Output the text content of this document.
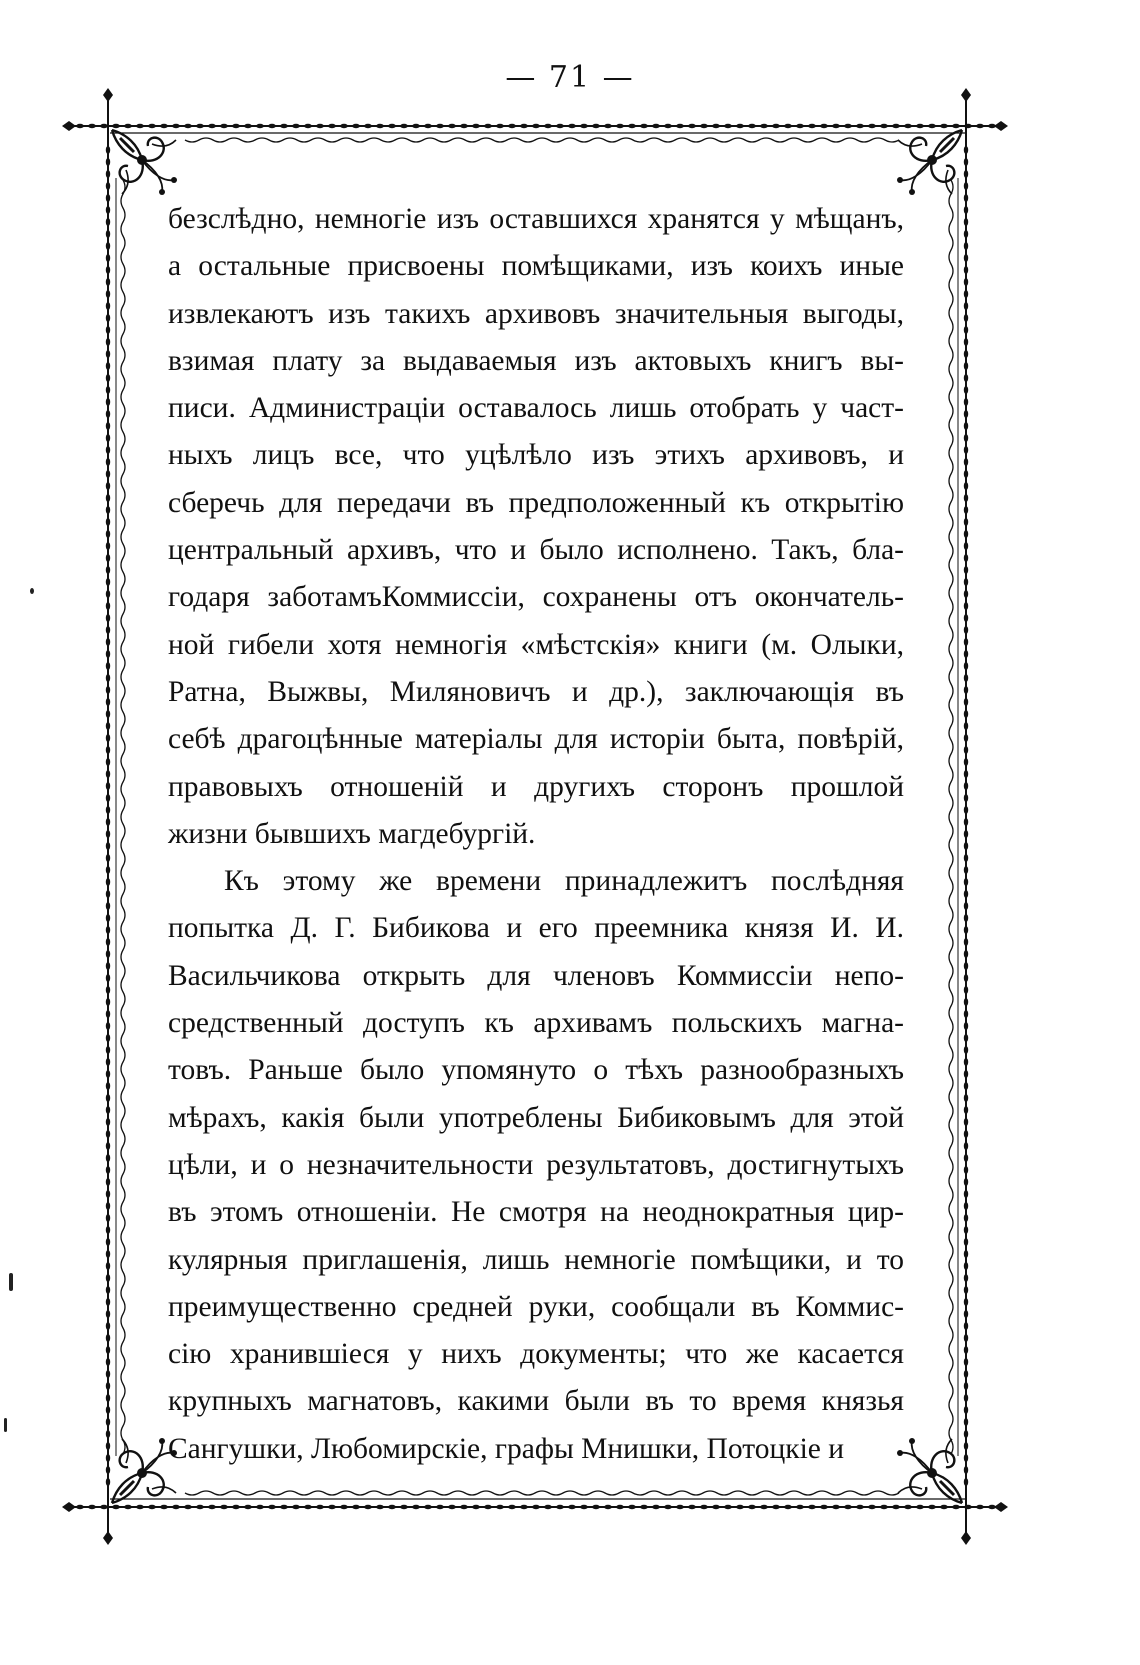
— 71 —
безслѣдно, немногіе изъ оставшихся хранятся у мѣщанъ,
а остальные присвоены помѣщиками, изъ коихъ иные
извлекаютъ изъ такихъ архивовъ значительныя выгоды,
взимая плату за выдаваемыя изъ актовыхъ книгъ вы-
писи. Администраціи оставалось лишь отобрать у част-
ныхъ лицъ все, что уцѣлѣло изъ этихъ архивовъ, и
сберечь для передачи въ предположенный къ открытію
центральный архивъ, что и было исполнено. Такъ, бла-
годаря заботамъКоммиссіи, сохранены отъ окончатель-
ной гибели хотя немногія «мѣстскія» книги (м. Олыки,
Ратна, Выжвы, Миляновичъ и др.), заключающія въ
себѣ драгоцѣнные матеріалы для исторіи быта, повѣрій,
правовыхъ отношеній и другихъ сторонъ прошлой
жизни бывшихъ магдебургій.
Къ этому же времени принадлежитъ послѣдняя
попытка Д. Г. Бибикова и его преемника князя И. И.
Васильчикова открыть для членовъ Коммиссіи непо-
средственный доступъ къ архивамъ польскихъ магна-
товъ. Раньше было упомянуто о тѣхъ разнообразныхъ
мѣрахъ, какія были употреблены Бибиковымъ для этой
цѣли, и о незначительности результатовъ, достигнутыхъ
въ этомъ отношеніи. Не смотря на неоднократныя цир-
кулярныя приглашенія, лишь немногіе помѣщики, и то
преимущественно средней руки, сообщали въ Коммис-
сію хранившіеся у нихъ документы; что же касается
крупныхъ магнатовъ, какими были въ то время князья
Сангушки, Любомирскіе, графы Мнишки, Потоцкіе и
